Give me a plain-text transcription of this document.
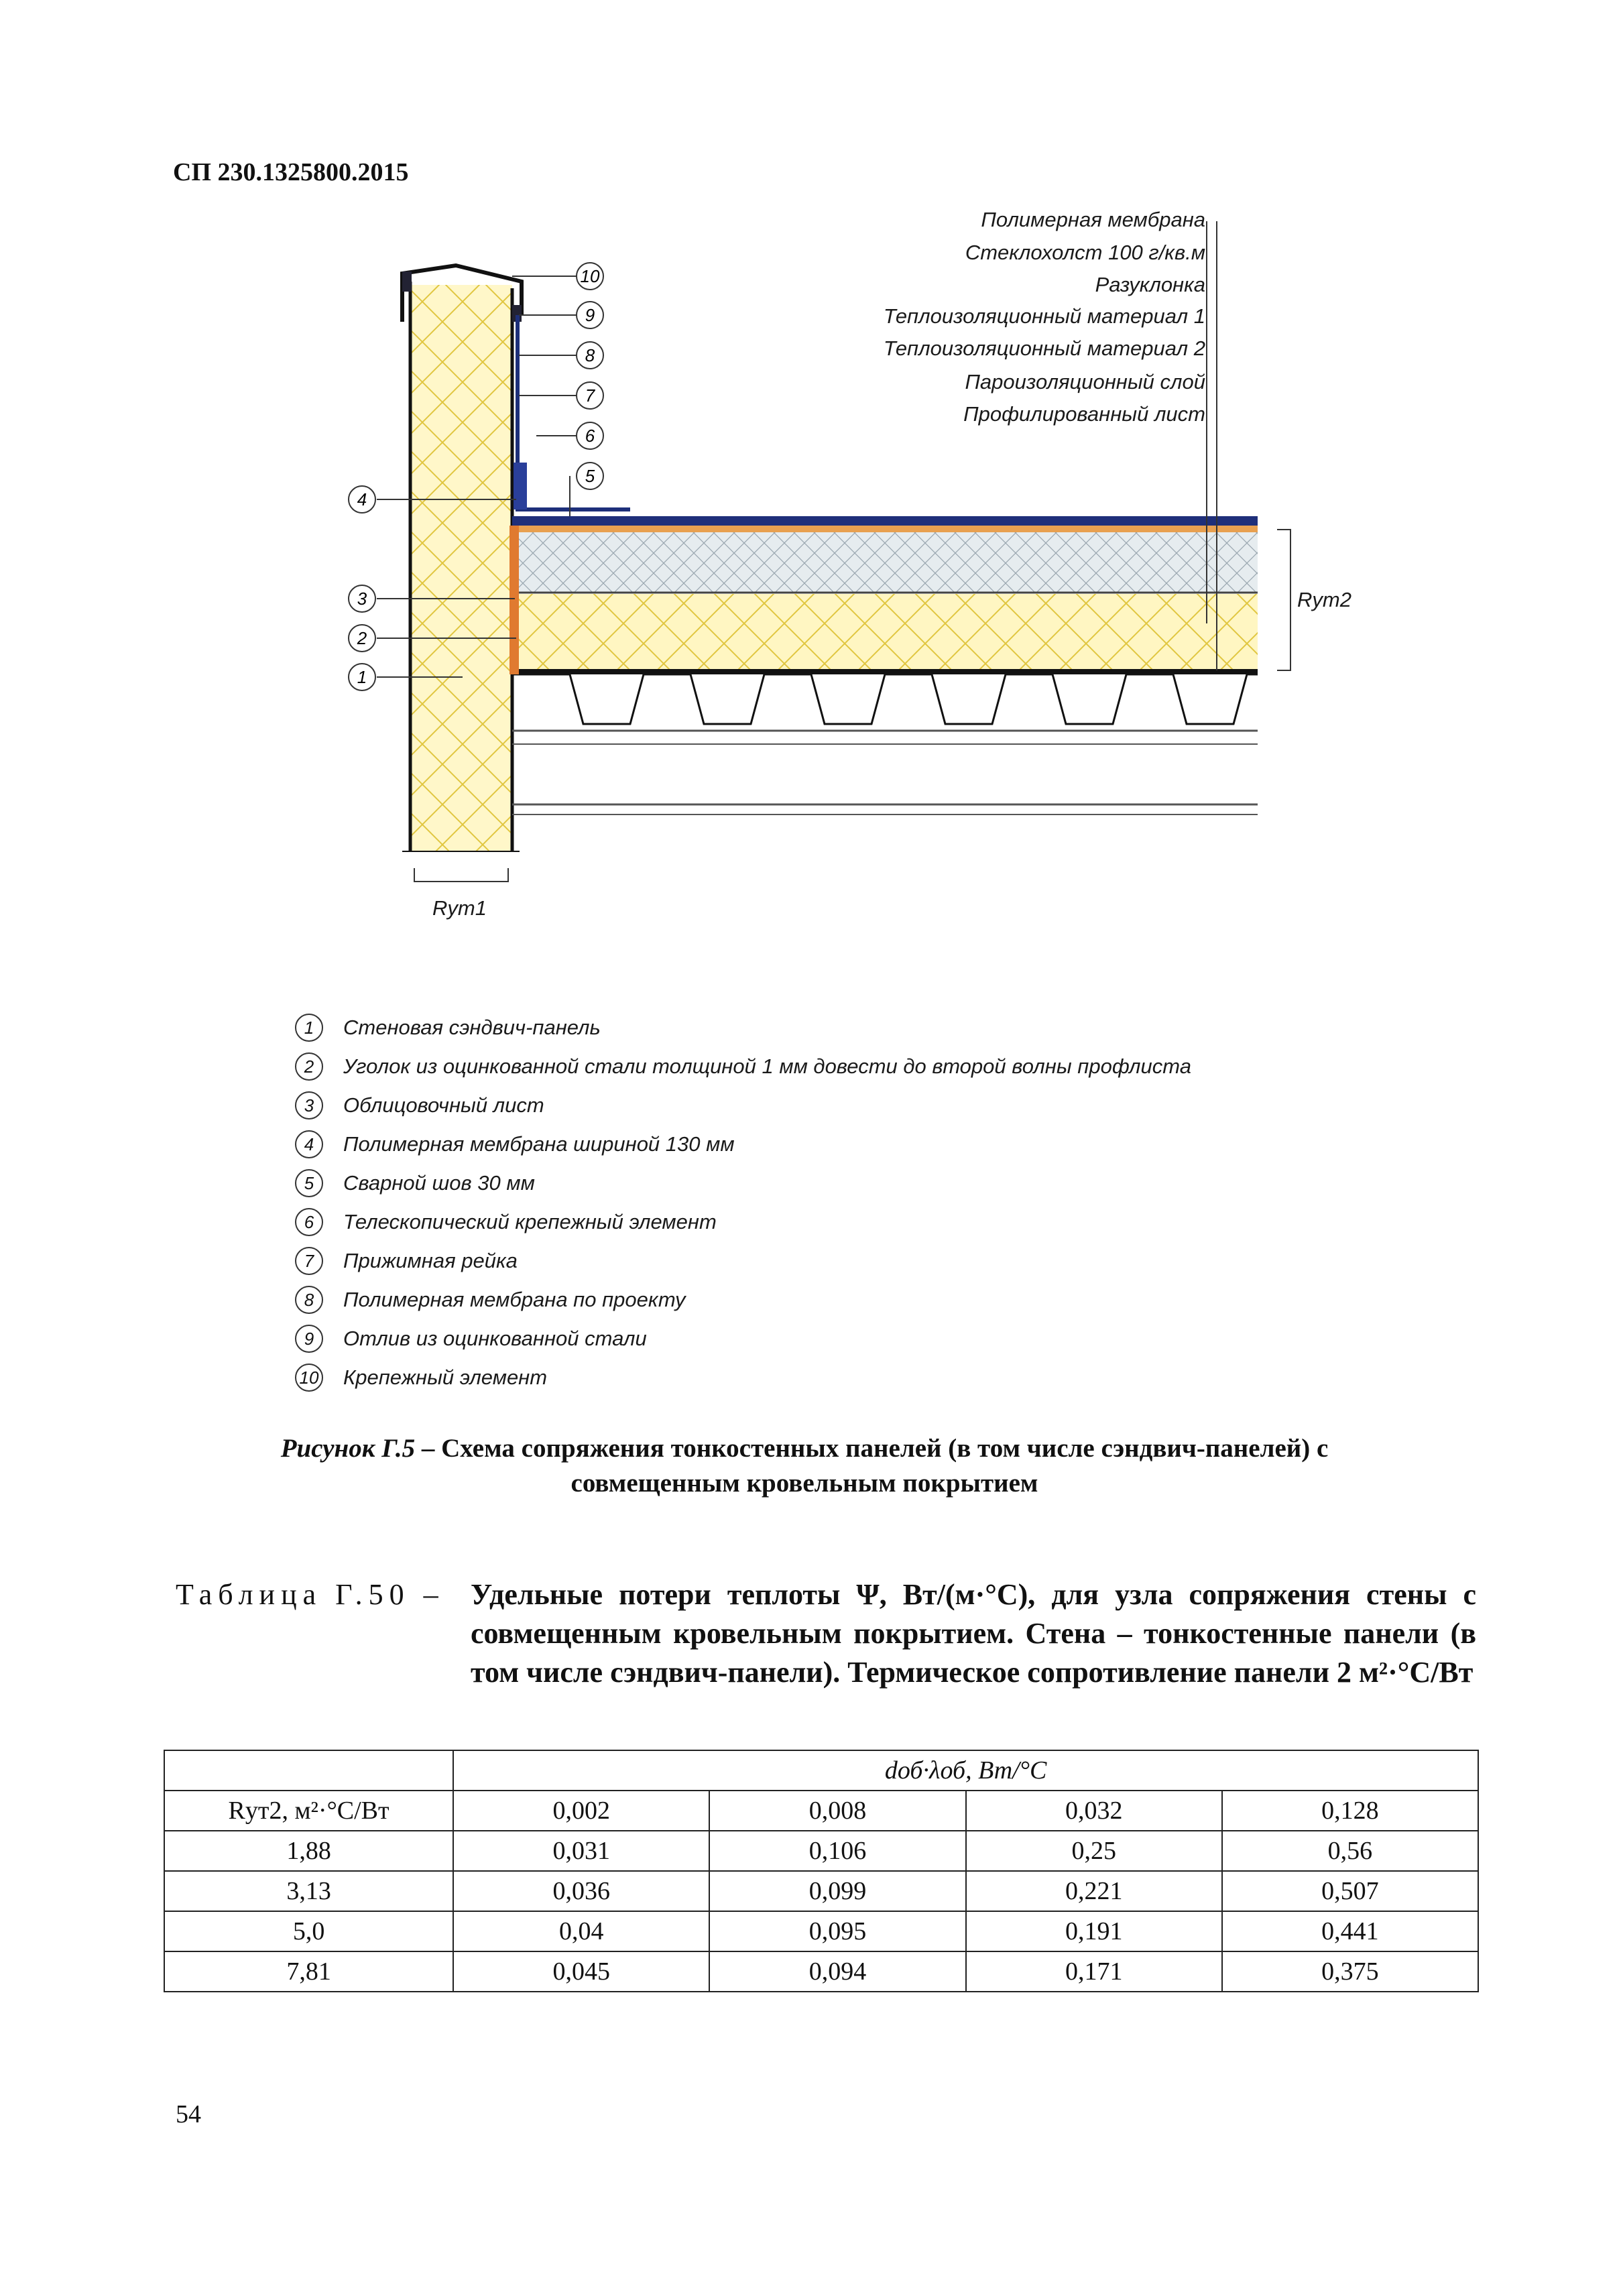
СП 230.1325800.2015
Полимерная мембрана
Стеклохолст 100 г/кв.м
Разуклонка
Теплоизоляционный материал 1
Теплоизоляционный материал 2
Пароизоляционный слой
Профилированный лист
Rут2
Rут1
10
9
8
7
6
5
4
3
2
1
1	Стеновая сэндвич-панель
2	Уголок из оцинкованной стали толщиной 1 мм довести до второй волны профлиста
3	Облицовочный лист
4	Полимерная мембрана шириной 130 мм
5	Сварной шов 30 мм
6	Телескопический крепежный элемент
7	Прижимная рейка
8	Полимерная мембрана по проекту
9	Отлив из оцинкованной стали
10 Крепежный элемент
Рисунок Г.5 – Схема сопряжения тонкостенных панелей (в том числе сэндвич-панелей) с
совмещенным кровельным покрытием
Таблица Г.50 – Удельные потери теплоты Ψ, Вт/(м·°С), для узла сопряжения стены с совмещенным кровельным покрытием. Стена – тонкостенные панели (в том числе сэндвич-панели). Термическое сопротивление панели 2 м²·°С/Вт
	dоб·λоб, Вт/°С			
Rут2, м²·°С/Вт	0,002	0,008	0,032	0,128
1,88	0,031	0,106	0,25	0,56
3,13	0,036	0,099	0,221	0,507
5,0	0,04	0,095	0,191	0,441
7,81	0,045	0,094	0,171	0,375
54
